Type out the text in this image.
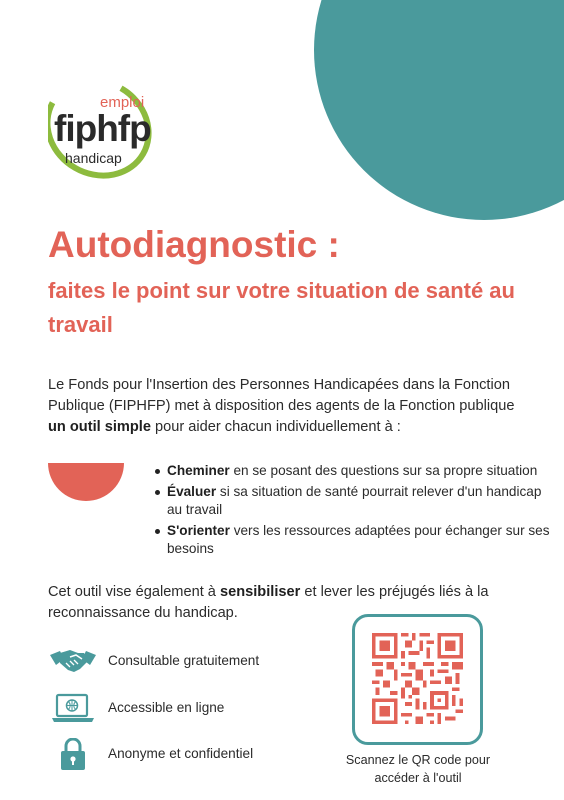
emploi
fiphfp
handicap
Autodiagnostic :
faites le point sur votre situation de santé au travail

Le Fonds pour l'Insertion des Personnes Handicapées dans la Fonction Publique (FIPHFP) met à disposition des agents de la Fonction publique un outil simple pour aider chacun individuellement à :

Cheminer en se posant des questions sur sa propre situation
Évaluer si sa situation de santé pourrait relever d'un handicap au travail
S'orienter vers les ressources adaptées pour échanger sur ses besoins

Cet outil vise également à sensibiliser et lever les préjugés liés à la reconnaissance du handicap.

Consultable gratuitement
Accessible en ligne
Anonyme et confidentiel	Scannez le QR code pour accéder à l'outil
